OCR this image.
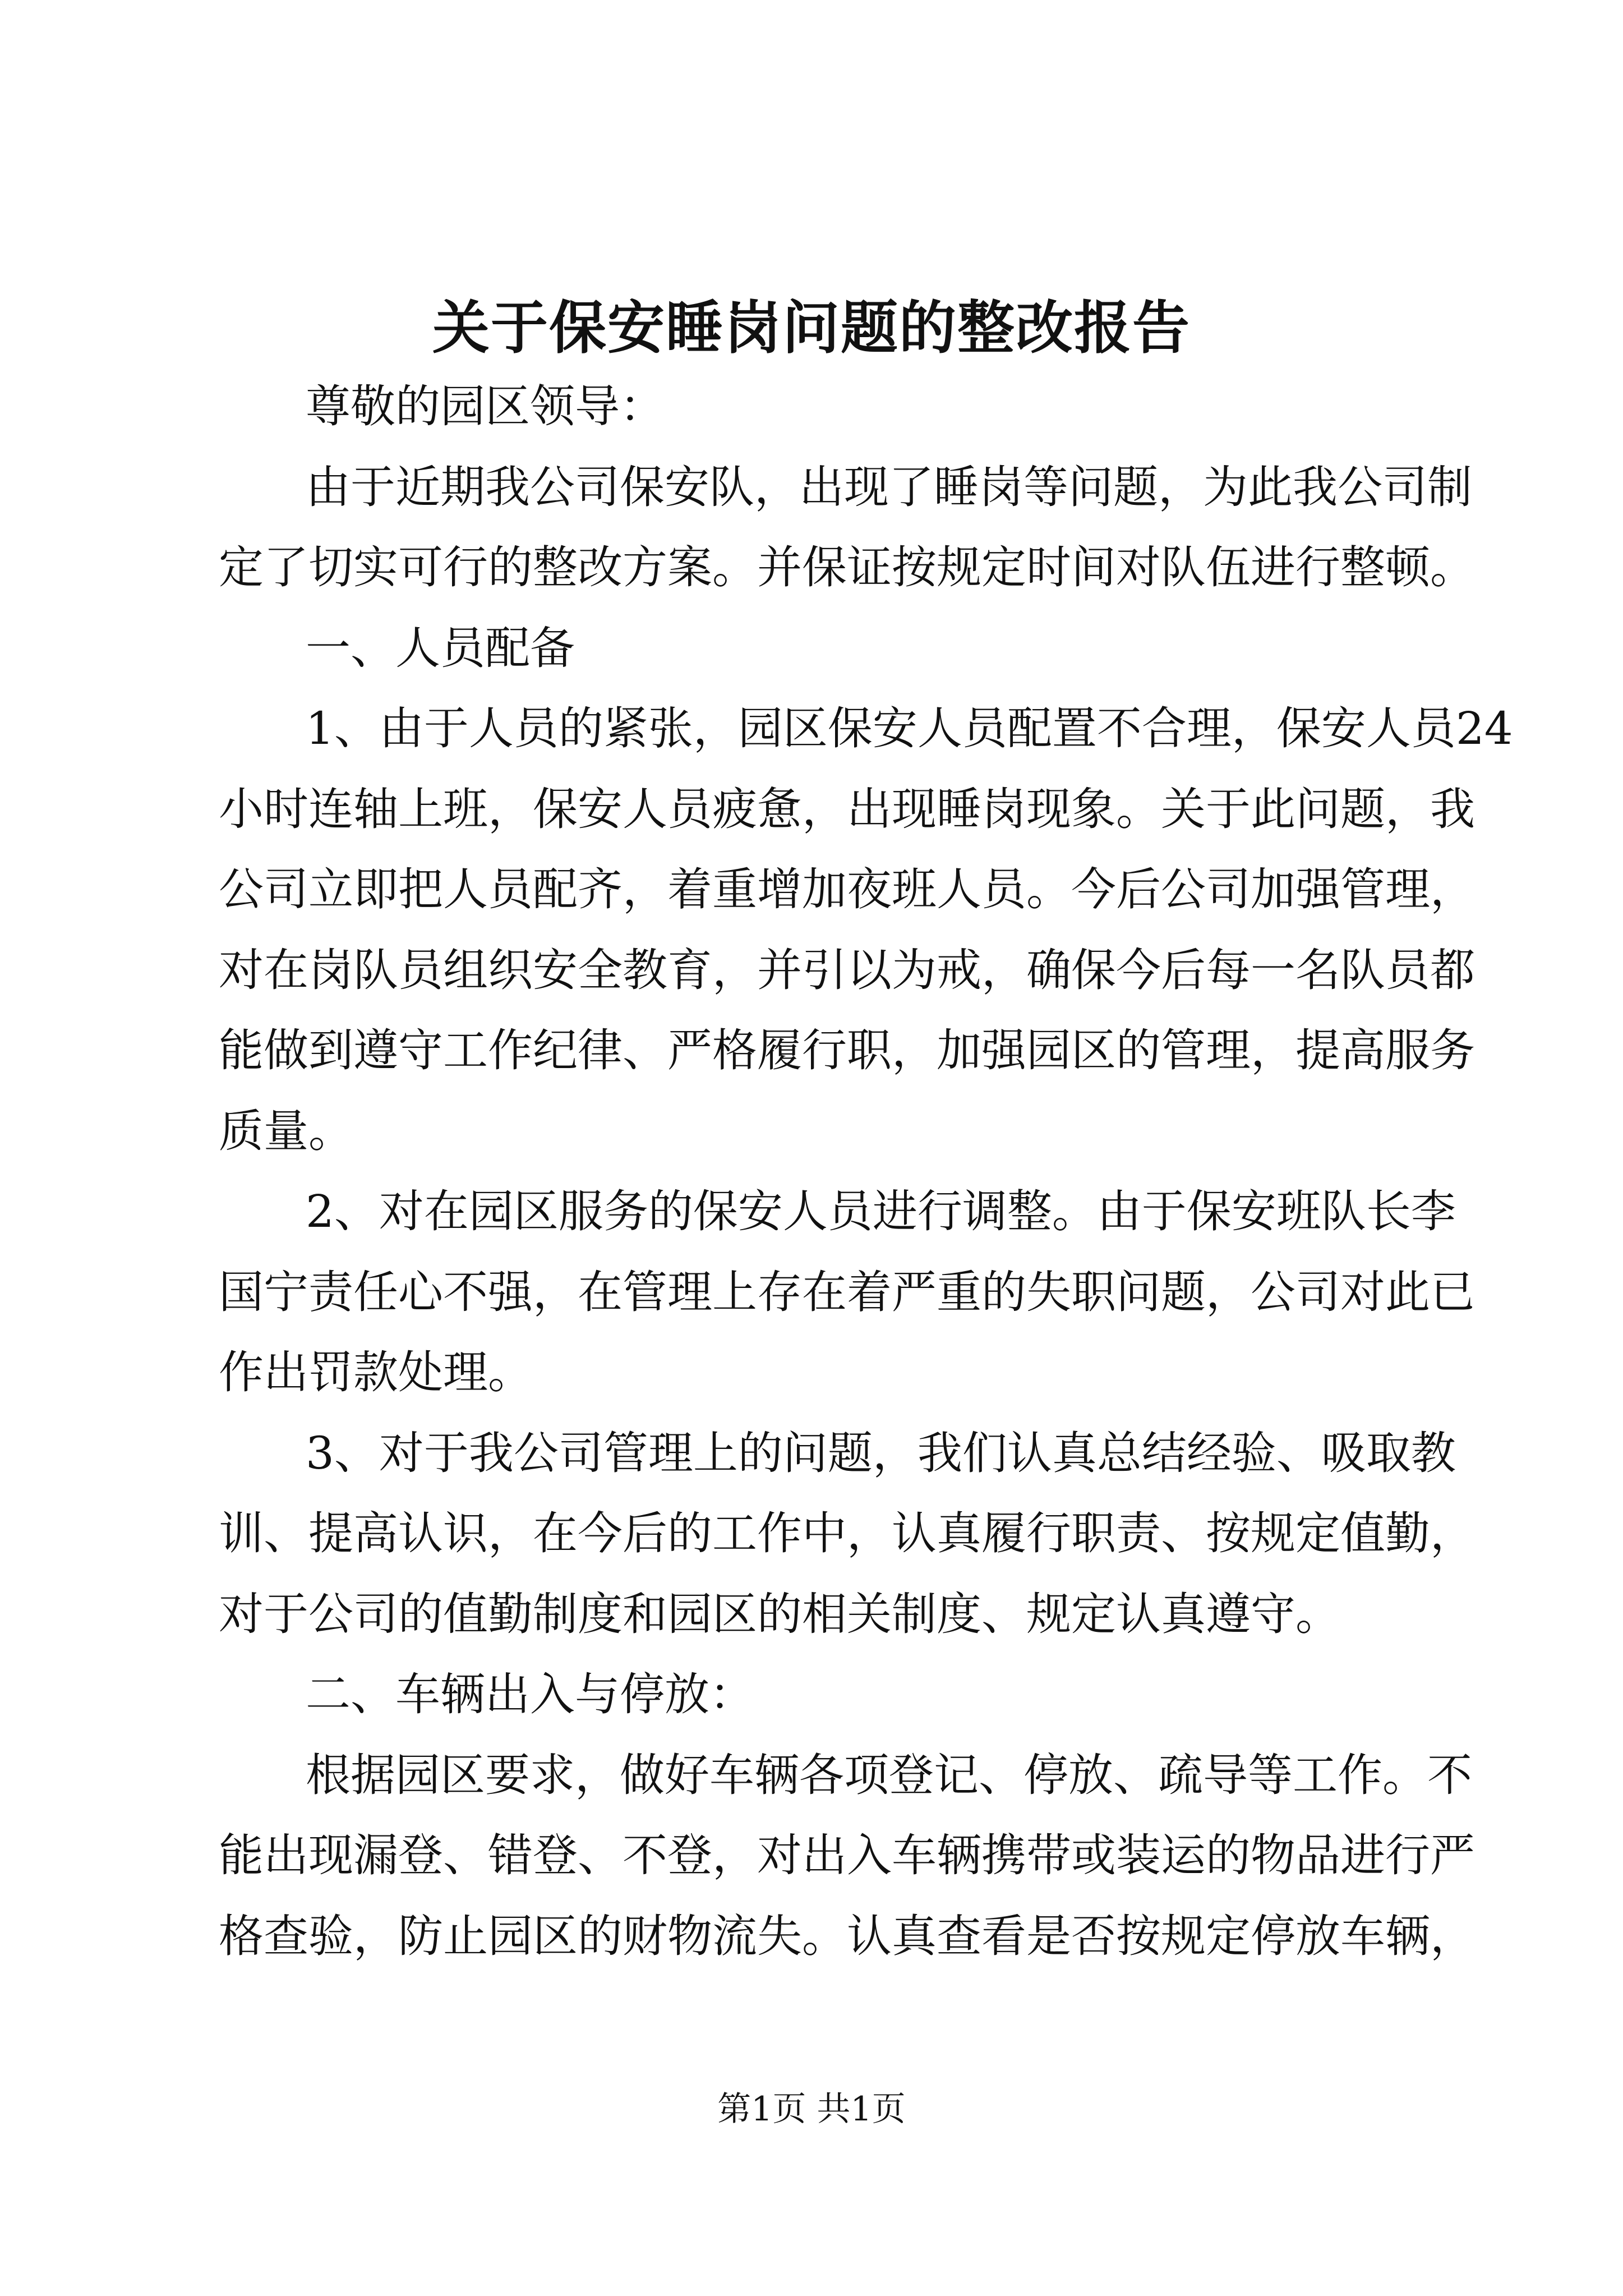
关于保安睡岗问题的整改报告
尊敬的园区领导：
由于近期我公司保安队，出现了睡岗等问题，为此我公司制
定了切实可行的整改方案。并保证按规定时间对队伍进行整顿。
一、人员配备
1、由于人员的紧张，园区保安人员配置不合理，保安人员24
小时连轴上班，保安人员疲惫，出现睡岗现象。关于此问题，我
公司立即把人员配齐，着重增加夜班人员。今后公司加强管理，
对在岗队员组织安全教育，并引以为戒，确保今后每一名队员都
能做到遵守工作纪律、严格履行职，加强园区的管理，提高服务
质量。
2、对在园区服务的保安人员进行调整。由于保安班队长李
国宁责任心不强，在管理上存在着严重的失职问题，公司对此已
作出罚款处理。
3、对于我公司管理上的问题，我们认真总结经验、吸取教
训、提高认识，在今后的工作中，认真履行职责、按规定值勤，
对于公司的值勤制度和园区的相关制度、规定认真遵守。
二、车辆出入与停放：
根据园区要求，做好车辆各项登记、停放、疏导等工作。不
能出现漏登、错登、不登，对出入车辆携带或装运的物品进行严
格查验，防止园区的财物流失。认真查看是否按规定停放车辆，
第1页 共1页
